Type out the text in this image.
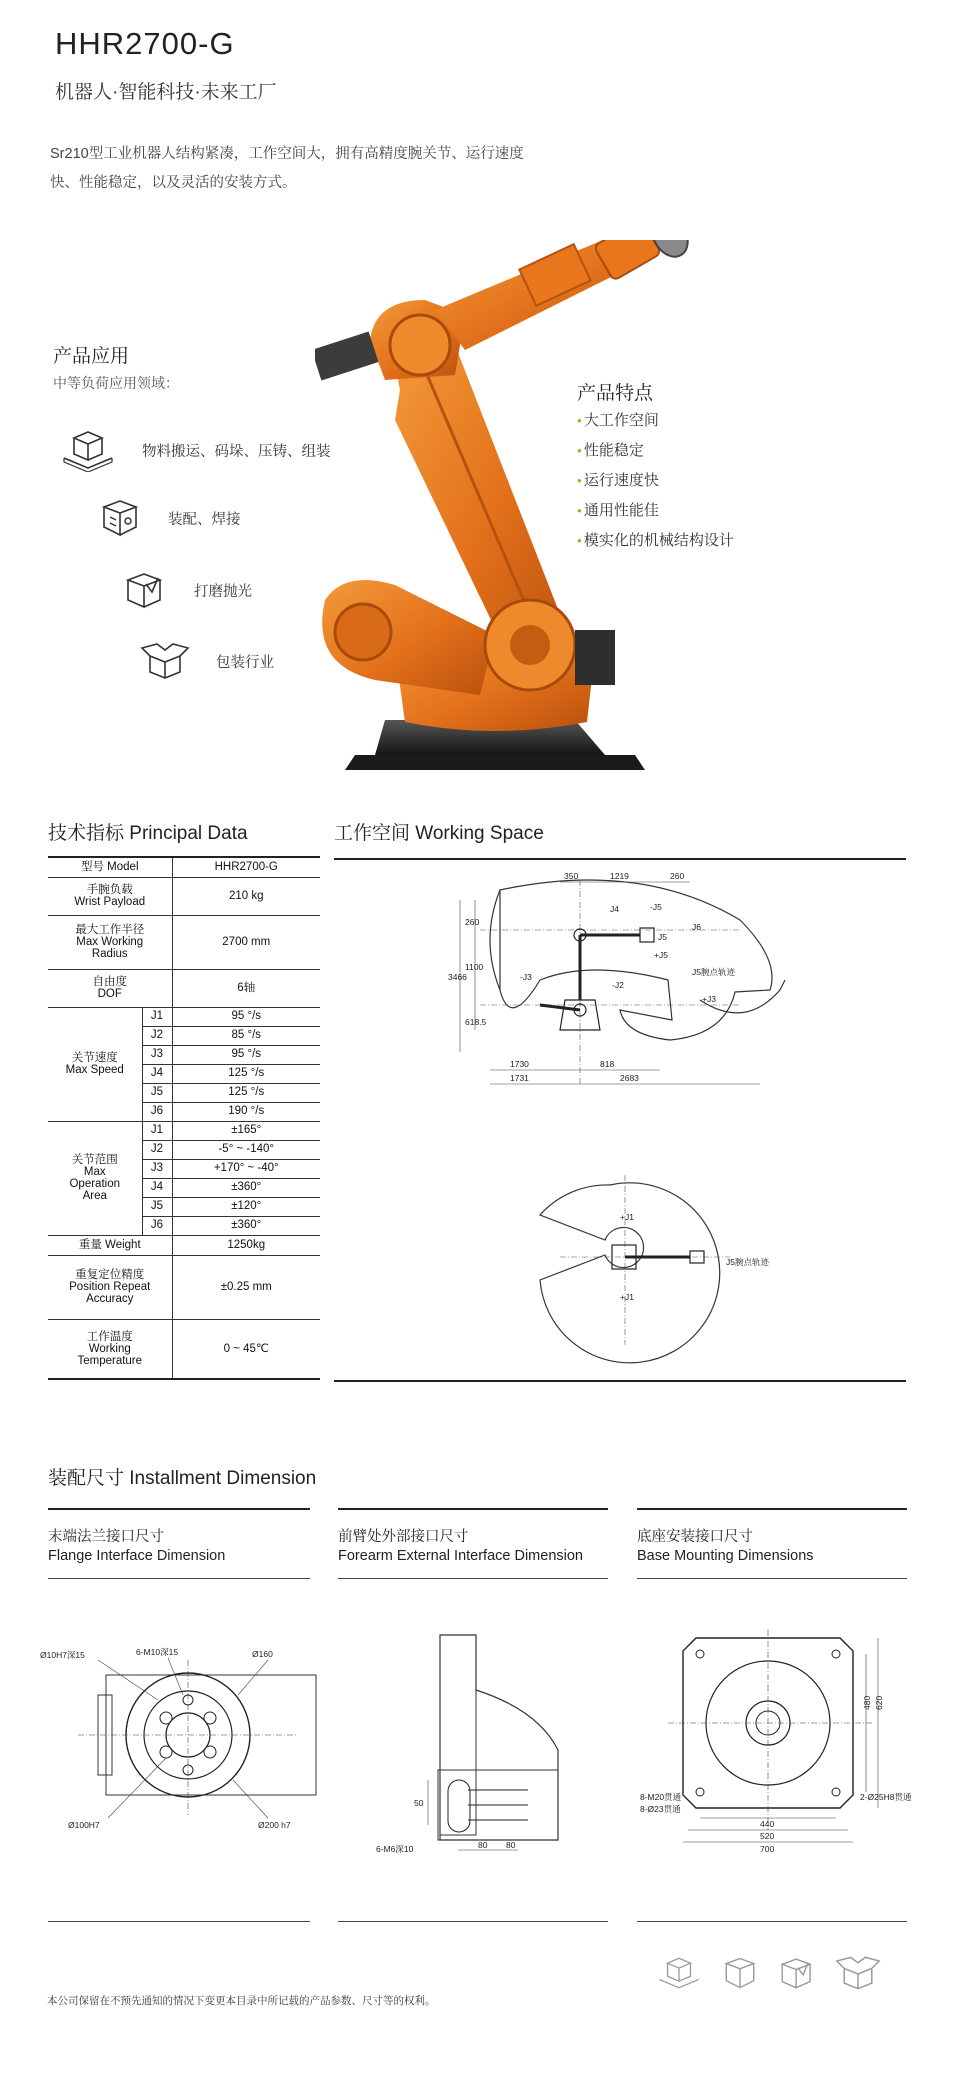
HHR2700-G
机器人·智能科技·未来工厂
Sr210型工业机器人结构紧凑，工作空间大，拥有高精度腕关节、运行速度
快、性能稳定，以及灵活的安装方式。
产品应用
中等负荷应用领域：
物料搬运、码垛、压铸、组装
装配、焊接
打磨抛光
包装行业
产品特点
● 大工作空间
● 性能稳定
● 运行速度快
● 通用性能佳
● 模实化的机械结构设计
技术指标 Principal Data
型号 Model		HHR2700-G

手腕负载
Wrist Payload		210 kg

最大工作半径
Max Working
Radius		2700 mm

自由度
DOF		6轴

关节速度
Max Speed	J1	95 °/s
	J2	85 °/s
	J3	95 °/s
	J4	125 °/s
	J5	125 °/s
	J6	190 °/s

关节范围
Max
Operation
Area	J1	±165°
	J2	-5° ~ -140°
	J3	+170° ~ -40°
	J4	±360°
	J5	±120°
	J6	±360°
重量 Weight		1250kg

重复定位精度
Position Repeat
Accuracy		±0.25 mm

工作温度
Working
Temperature		0 ~ 45℃
工作空间 Working Space
350	1219	260
260
1100
618.5
3466
1730	818
1731	2683
J4	-J5
J6
+J5
-J3
-J2
+J3
J5腕点轨迹
J5
+J1
+J1
J5腕点轨迹
装配尺寸 Installment Dimension
末端法兰接口尺寸
Flange Interface Dimension
前臂处外部接口尺寸
Forearm External Interface Dimension
底座安装接口尺寸
Base Mounting Dimensions
Ø10H7深15	6-M10深15	Ø160
Ø100H7	Ø200 h7
6-M6深10
50
80 80
8-M20贯通
8-Ø23贯通
2-Ø25H8贯通
440
520
700
480 620
本公司保留在不预先通知的情况下变更本目录中所记载的产品参数、尺寸等的权利。
